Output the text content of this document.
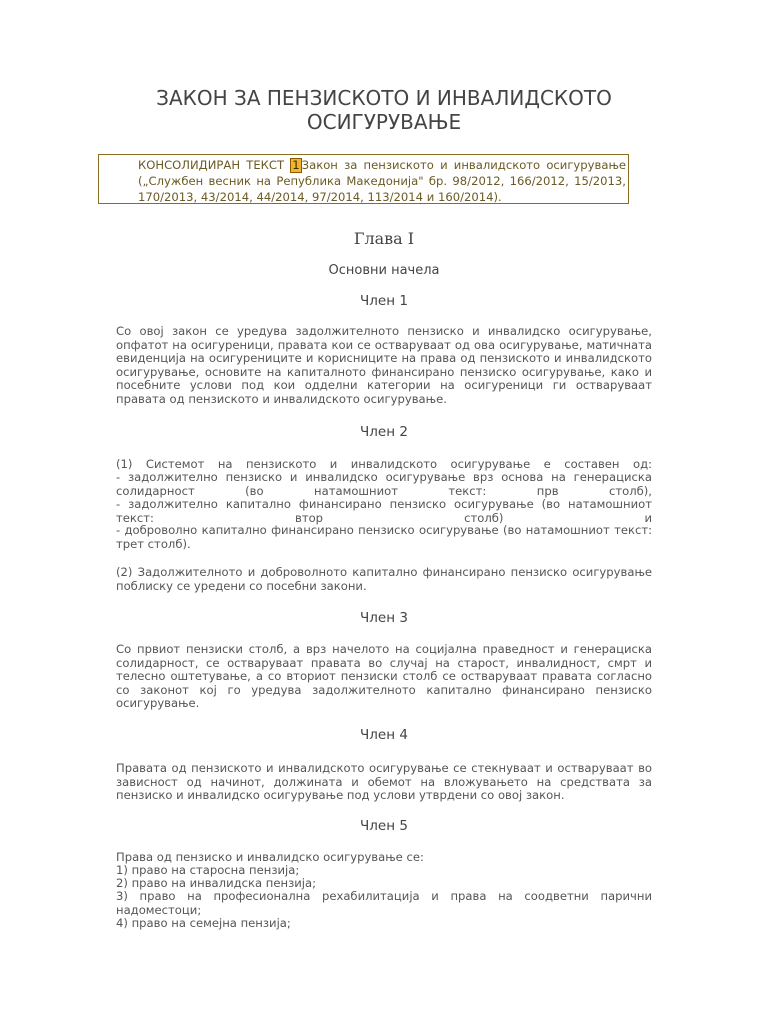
ЗАКОН ЗА ПЕНЗИСКОТО И ИНВАЛИДСКОТО
ОСИГУРУВАЊЕ
КОНСОЛИДИРАН ТЕКСТ 1 Закон за пензиското и инвалидското осигурување („Службен весник на Република Македонија" бр. 98/2012, 166/2012, 15/2013, 170/2013, 43/2014, 44/2014, 97/2014, 113/2014 и 160/2014).
Глава I
Основни начела
Член 1

Со овој закон се уредува задолжителното пензиско и инвалидско осигурување, опфатот на осигуреници, правата кои се остваруваат од ова осигурување, матичната евиденција на осигурениците и корисниците на права од пензиското и инвалидското осигурување, основите на капиталното финансирано пензиско осигурување, како и посебните услови под кои одделни категории на осигуреници ги остваруваат правата од пензиското и инвалидското осигурување.

Член 2

(1) Системот на пензиското и инвалидското осигурување е составен од:

- задолжително пензиско и инвалидско осигурување врз основа на генерациска солидарност (во натамошниот текст: прв столб),

- задолжително капитално финансирано пензиско осигурување (во натамошниот текст: втор столб) и

- доброволно капитално финансирано пензиско осигурување (во натамошниот текст: трет столб).

(2) Задолжителното и доброволното капитално финансирано пензиско осигурување поблиску се уредени со посебни закони.

Член 3

Со првиот пензиски столб, а врз начелото на социјална праведност и генерациска солидарност, се остваруваат правата во случај на старост, инвалидност, смрт и телесно оштетување, а со вториот пензиски столб се остваруваат правата согласно со законот кој го уредува задолжителното капитално финансирано пензиско осигурување.

Член 4

Правата од пензиското и инвалидското осигурување се стекнуваат и остваруваат во зависност од начинот, должината и обемот на вложувањето на средствата за пензиско и инвалидско осигурување под услови утврдени со овој закон.

Член 5

Права од пензиско и инвалидско осигурување се:

1) право на старосна пензија;

2) право на инвалидска пензија;

3) право на професионална рехабилитација и права на соодветни парични надоместоци;

4) право на семејна пензија;
